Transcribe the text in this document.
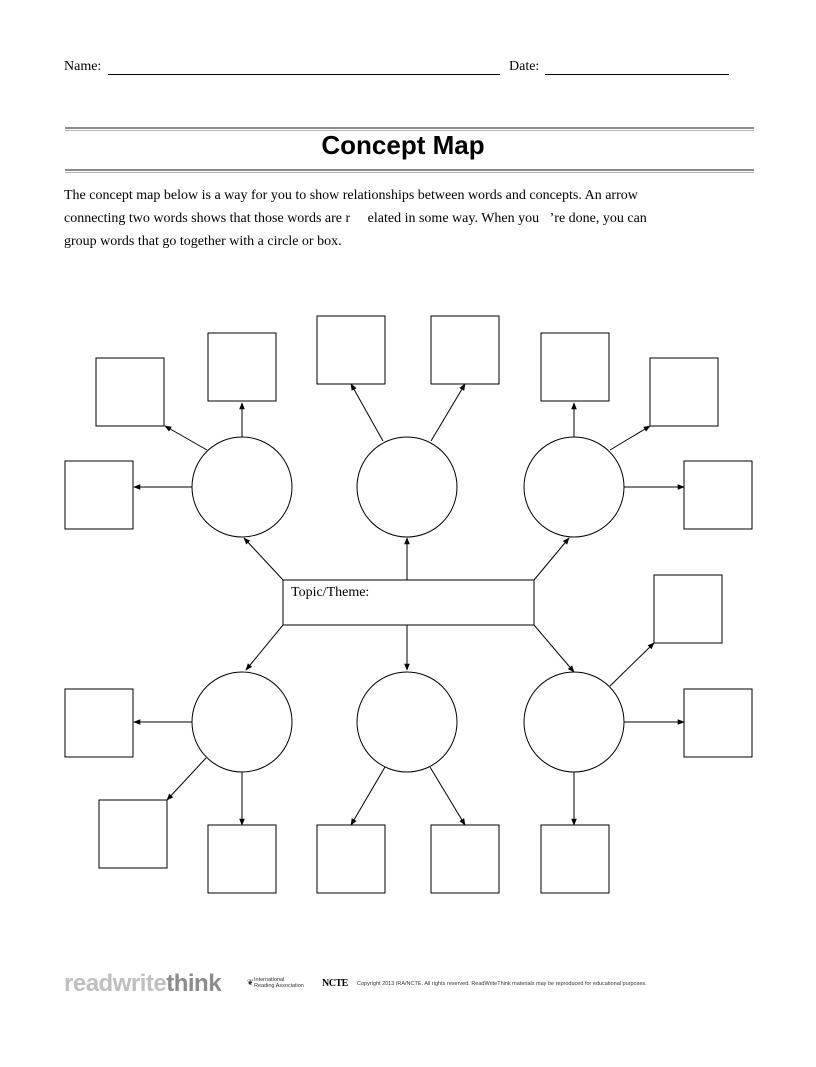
Name:	Date:
Concept Map

The concept map below is a way for you to show relationships between words and concepts. An arrow

connecting two words shows that those words are r     elated in some way. When you   ’re done, you can

group words that go together with a circle or box.

Topic/Theme:
readwritethink	❦ International
Reading Association	NCTE Copyright 2013 IRA/NCTE. All rights reserved. ReadWriteThink materials may be reproduced for educational purposes.
